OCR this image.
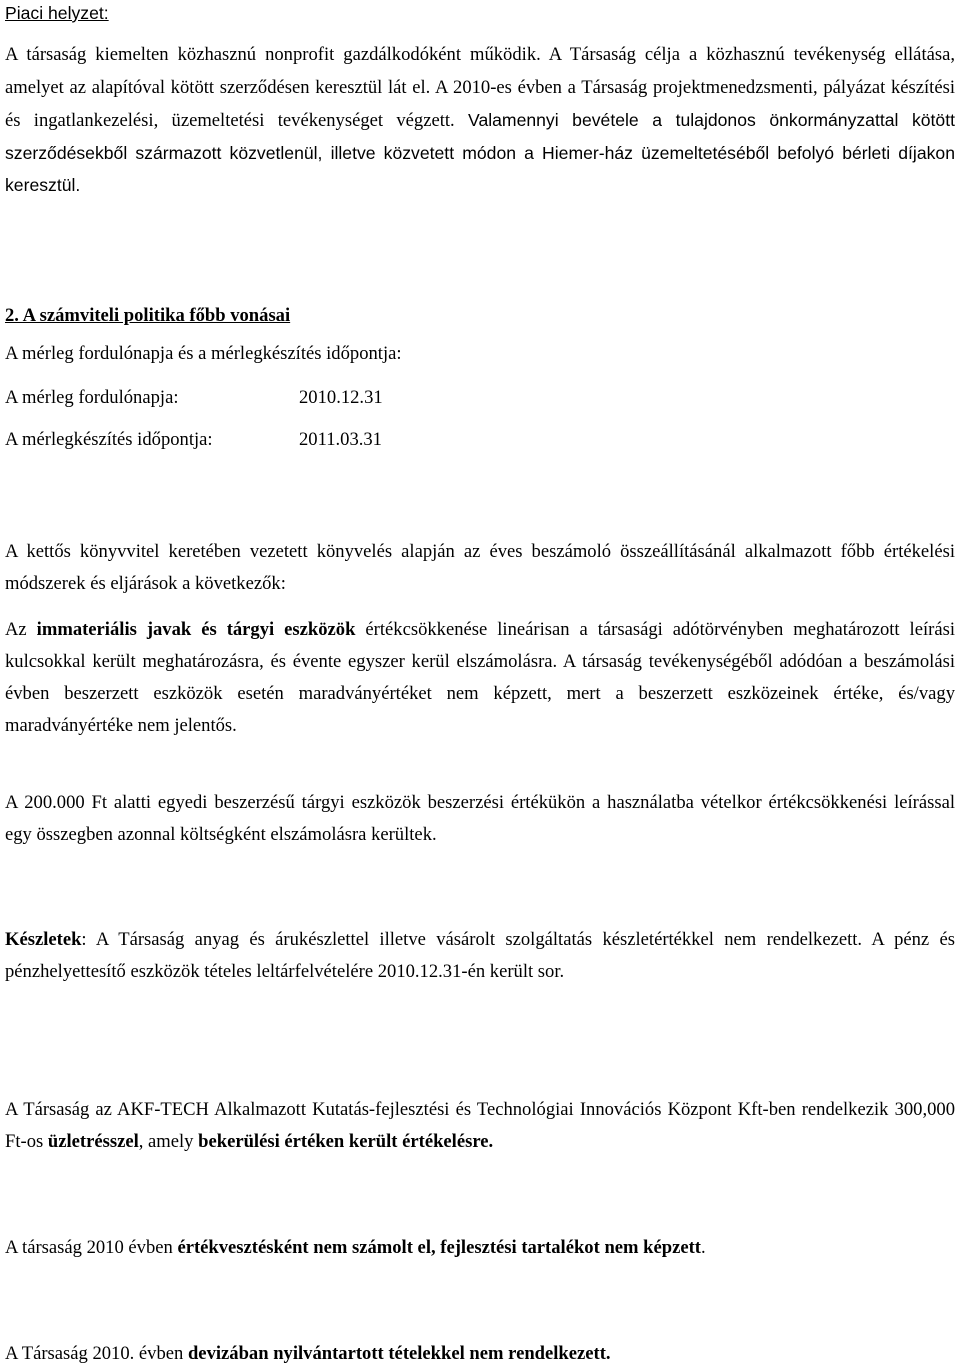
Piaci helyzet:

A társaság kiemelten közhasznú nonprofit gazdálkodóként működik. A Társaság célja a közhasznú tevékenység ellátása, amelyet az alapítóval kötött szerződésen keresztül lát el. A 2010-es évben a Társaság projektmenedzsmenti, pályázat készítési és ingatlankezelési, üzemeltetési tevékenységet végzett. Valamennyi bevétele a tulajdonos önkormányzattal kötött szerződésekből származott közvetlenül, illetve közvetett módon a Hiemer-ház üzemeltetéséből befolyó bérleti díjakon keresztül.

2. A számviteli politika főbb vonásai
A mérleg fordulónapja és a mérlegkészítés időpontja:
A mérleg fordulónapja:	2010.12.31
A mérlegkészítés időpontja:	2011.03.31

A kettős könyvvitel keretében vezetett könyvelés alapján az éves beszámoló összeállításánál alkalmazott főbb értékelési módszerek és eljárások a következők:

Az immateriális javak és tárgyi eszközök értékcsökkenése lineárisan a társasági adótörvényben meghatározott leírási kulcsokkal került meghatározásra, és évente egyszer kerül elszámolásra. A társaság tevékenységéből adódóan a beszámolási évben beszerzett eszközök esetén maradványértéket nem képzett, mert a beszerzett eszközeinek értéke, és/vagy maradványértéke nem jelentős.

A 200.000 Ft alatti egyedi beszerzésű tárgyi eszközök beszerzési értékükön a használatba vételkor értékcsökkenési leírással egy összegben azonnal költségként elszámolásra kerültek.

Készletek: A Társaság anyag és árukészlettel illetve vásárolt szolgáltatás készletértékkel nem rendelkezett. A pénz és pénzhelyettesítő eszközök tételes leltárfelvételére 2010.12.31-én került sor.

A Társaság az AKF-TECH Alkalmazott Kutatás-fejlesztési és Technológiai Innovációs Központ Kft-ben rendelkezik 300,000 Ft-os üzletrésszel, amely bekerülési értéken került értékelésre.

A társaság 2010 évben értékvesztésként nem számolt el, fejlesztési tartalékot nem képzett.

A Társaság 2010. évben devizában nyilvántartott tételekkel nem rendelkezett.
